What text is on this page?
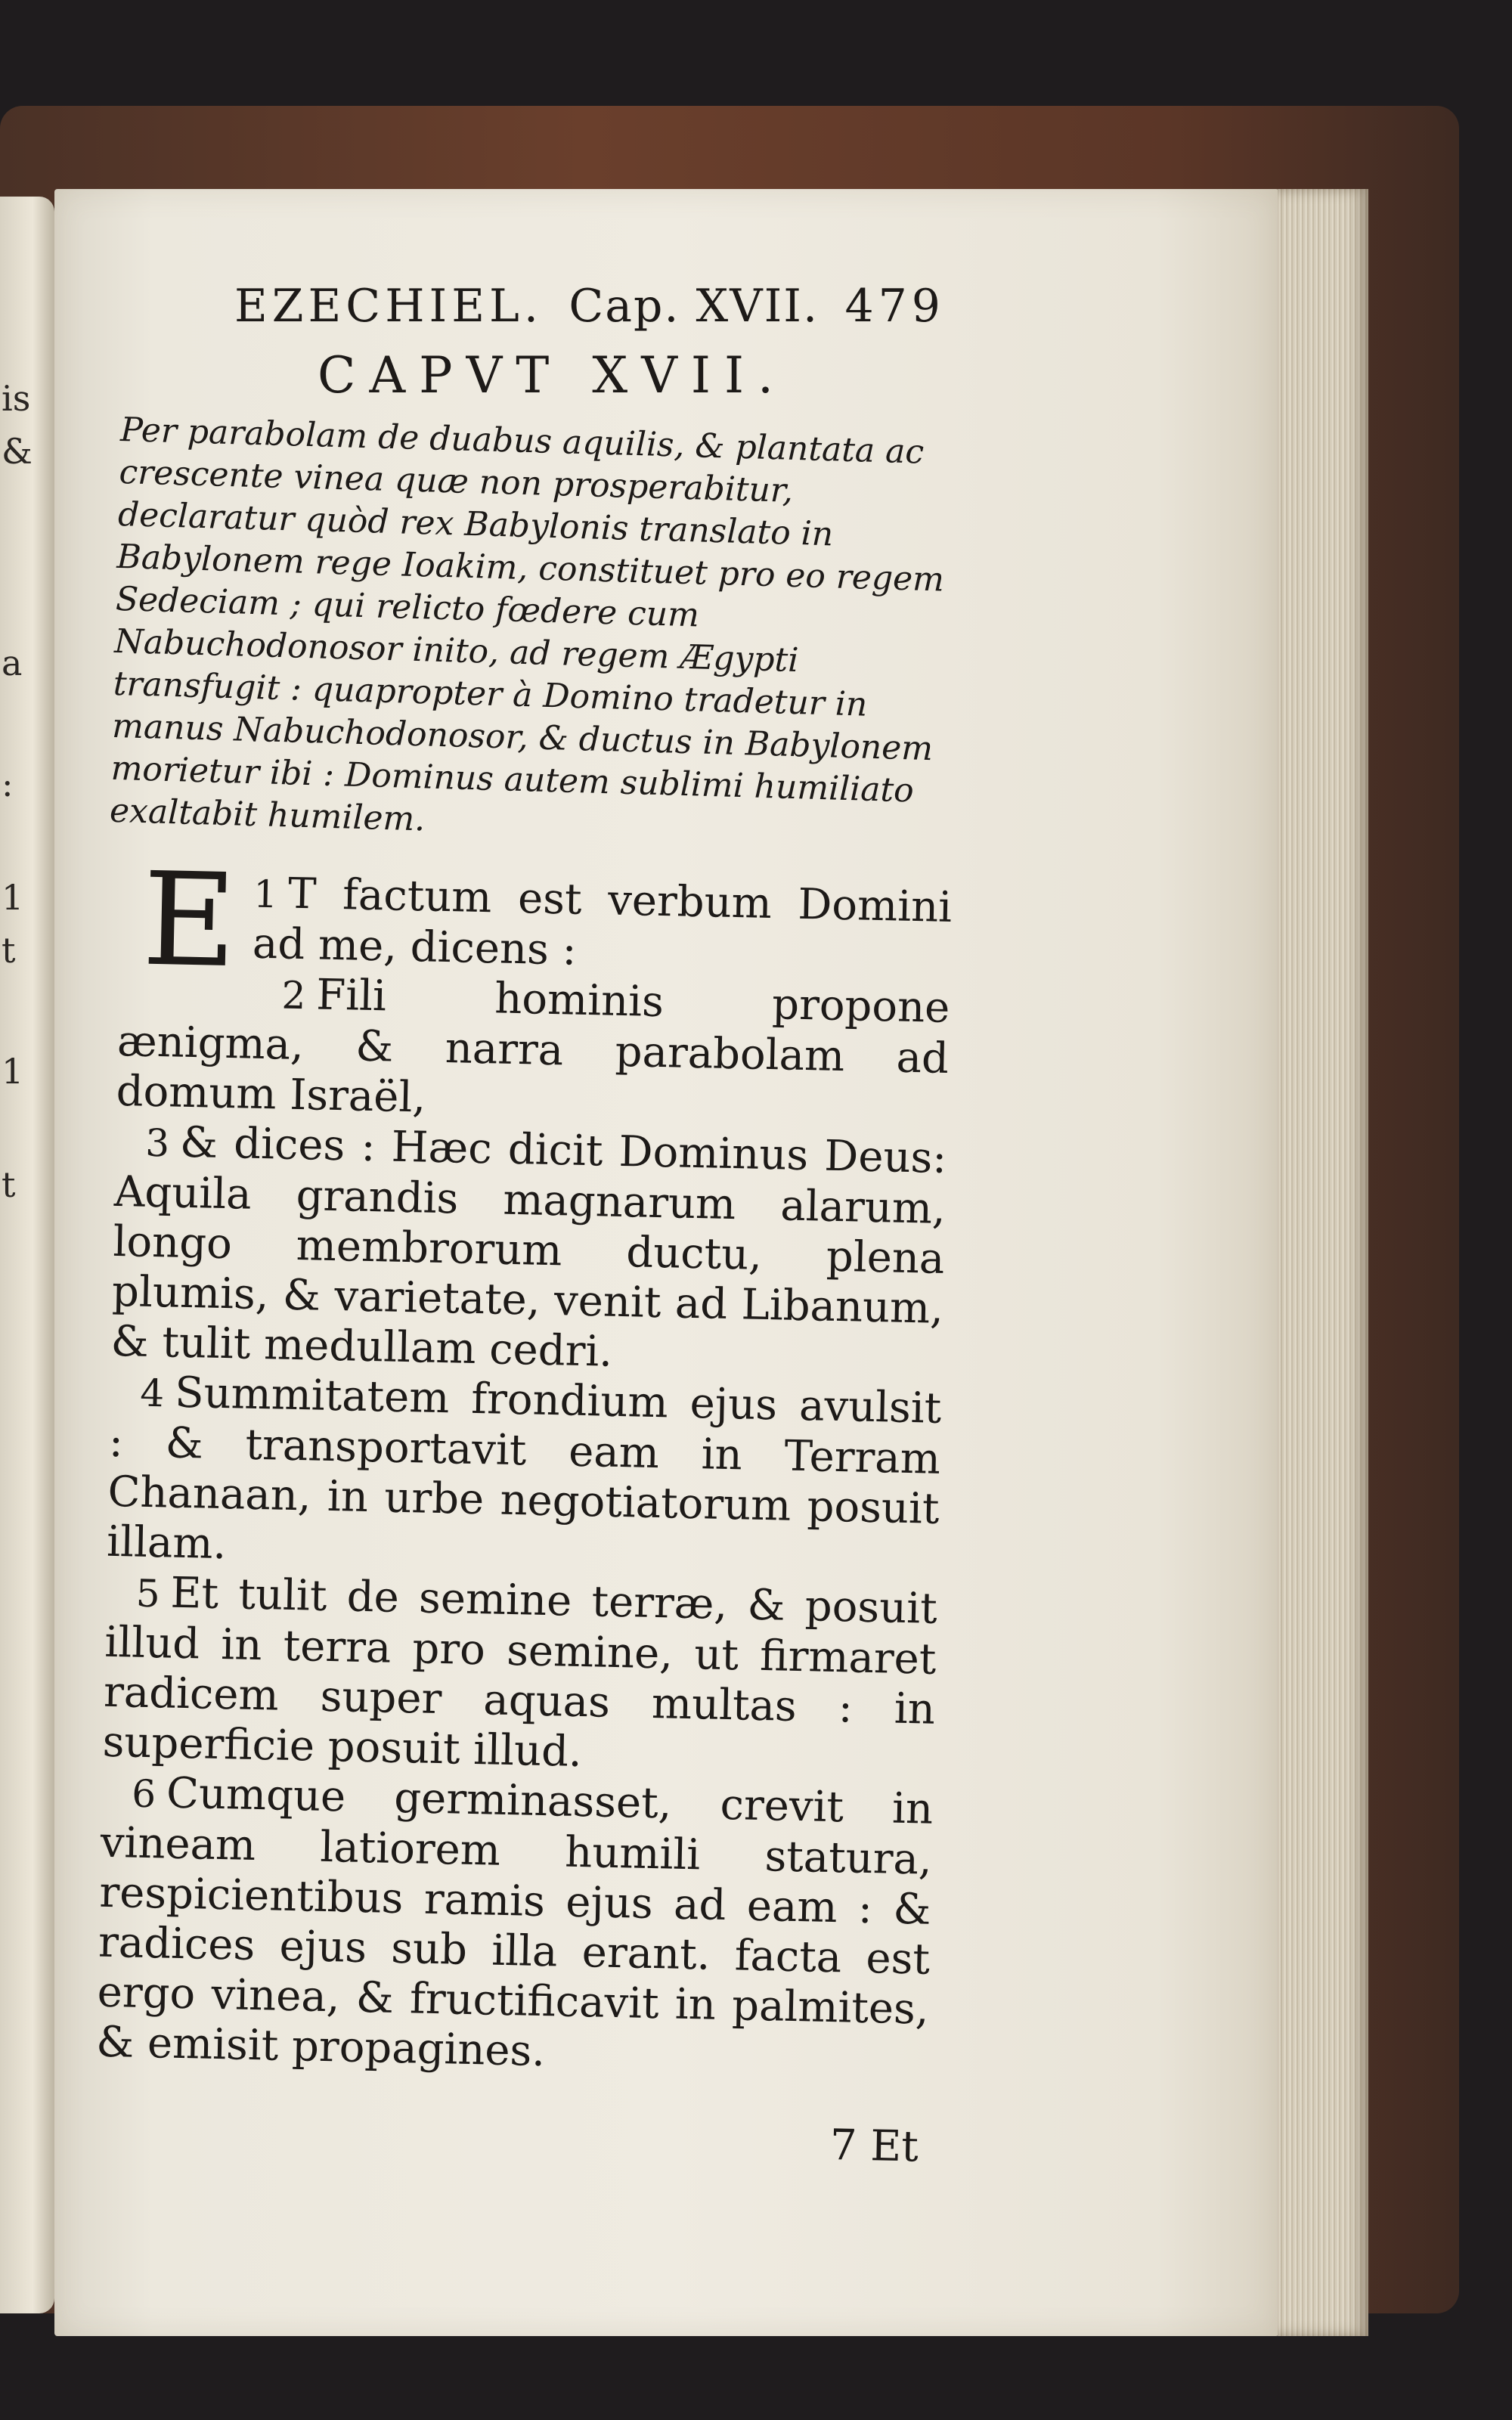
is
&
a
:
1
t
1
t
EZECHIEL. Cap. XVII. 479
CAPVT XVII.
Per parabolam de duabus aquilis, & plantata ac crescente vinea quæ non prosperabitur, declaratur quòd rex Babylonis translato in Babylonem rege Ioakim, constituet pro eo regem Sedeciam ; qui relicto fœdere cum Nabuchodonosor inito, ad regem Ægypti transfugit : quapropter à Domino tradetur in manus Nabuchodonosor, & ductus in Babylonem morietur ibi : Dominus autem sublimi humiliato exaltabit humilem.

1
E T factum est verbum Domini ad me, dicens :

2 Fili hominis propone ænigma, & narra parabolam ad domum Israël,

3 & dices : Hæc dicit Dominus Deus: Aquila grandis magnarum alarum, longo membrorum ductu, plena plumis, & varietate, venit ad Libanum, & tulit medullam cedri.

4 Summitatem frondium ejus avulsit : & transportavit eam in Terram Chanaan, in urbe negotiatorum posuit illam.

5 Et tulit de semine terræ, & posuit illud in terra pro semine, ut firmaret radicem super aquas multas : in superficie posuit illud.

6 Cumque germinasset, crevit in vineam latiorem humili statura, respicientibus ramis ejus ad eam : & radices ejus sub illa erant. facta est ergo vinea, & fructificavit in palmites, & emisit propagines.

7 Et
